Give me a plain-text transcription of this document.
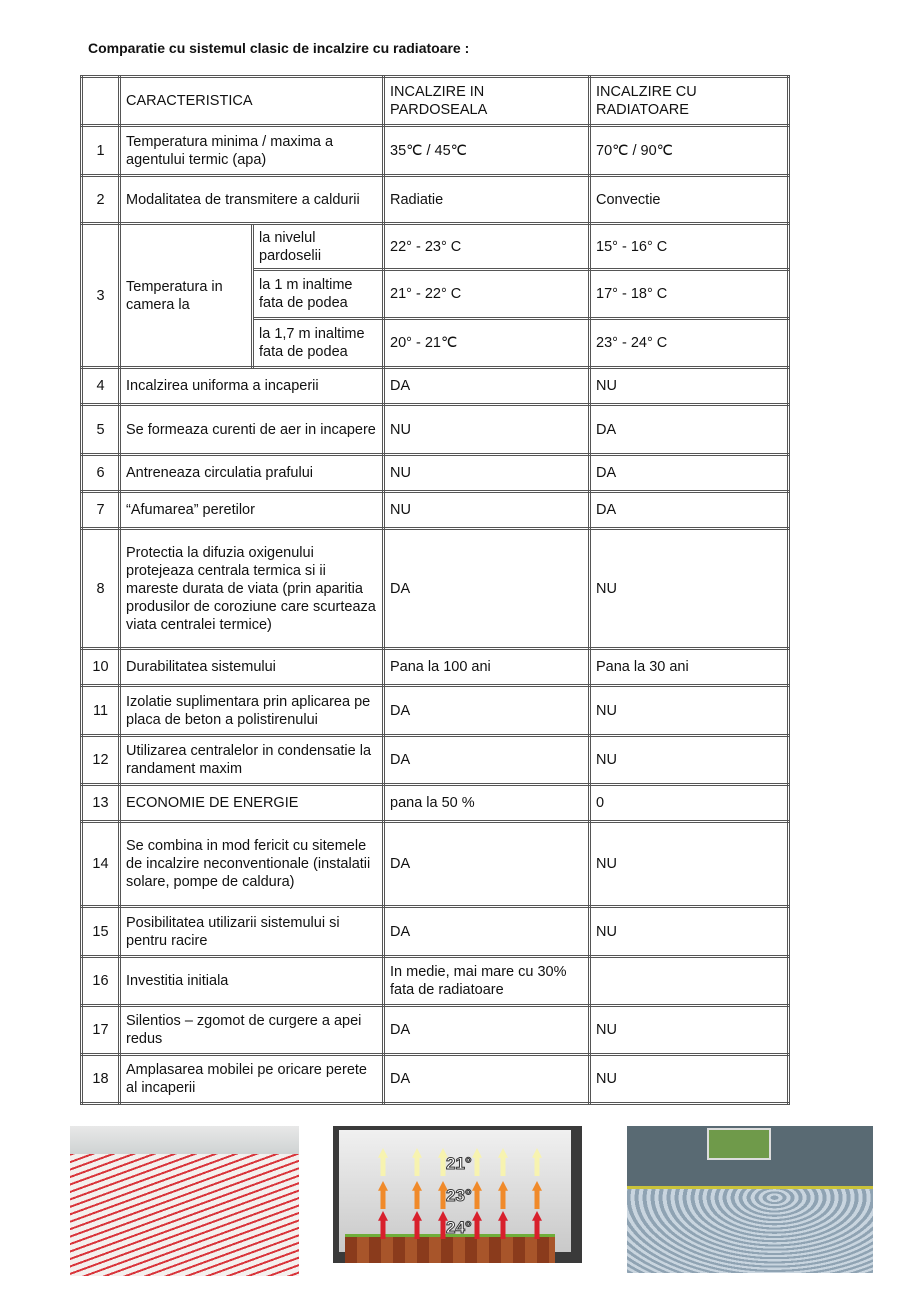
Comparatie cu sistemul clasic de incalzire cu radiatoare :
	CARACTERISTICA		INCALZIRE IN PARDOSEALA	INCALZIRE CU RADIATOARE
1	Temperatura minima / maxima a agentului termic (apa)		35℃ / 45℃	70℃ / 90℃
2	Modalitatea de transmitere a caldurii		Radiatie	Convectie
3	Temperatura in camera la	la nivelul pardoselii	22° - 23° C	15° - 16° C
		la 1 m inaltime fata de podea	21° - 22° C	17° - 18° C
		la 1,7 m inaltime fata de podea	20° - 21℃	23° - 24° C
4	Incalzirea uniforma a incaperii		DA	NU
5	Se formeaza curenti de aer in incapere		NU	DA
6	Antreneaza circulatia prafului		NU	DA
7	“Afumarea” peretilor		NU	DA
8	Protectia la difuzia oxigenului protejeaza centrala termica si ii mareste durata de viata (prin aparitia produsilor de coroziune care scurteaza viata centralei termice)		DA	NU
10	Durabilitatea sistemului		Pana la 100 ani	Pana la 30 ani
11	Izolatie suplimentara prin aplicarea pe placa de beton a polistirenului		DA	NU
12	Utilizarea centralelor in condensatie la randament maxim		DA	NU
13	ECONOMIE DE ENERGIE		pana la 50 %	0
14	Se combina in mod fericit cu sitemele de incalzire neconventionale (instalatii solare, pompe de caldura)		DA	NU
15	Posibilitatea utilizarii sistemului si pentru racire		DA	NU
16	Investitia initiala		In medie, mai mare cu 30% fata de radiatoare	
17	Silentios – zgomot de curgere a apei redus		DA	NU
18	Amplasarea mobilei pe oricare perete al incaperii		DA	NU
21°
23°
24°
